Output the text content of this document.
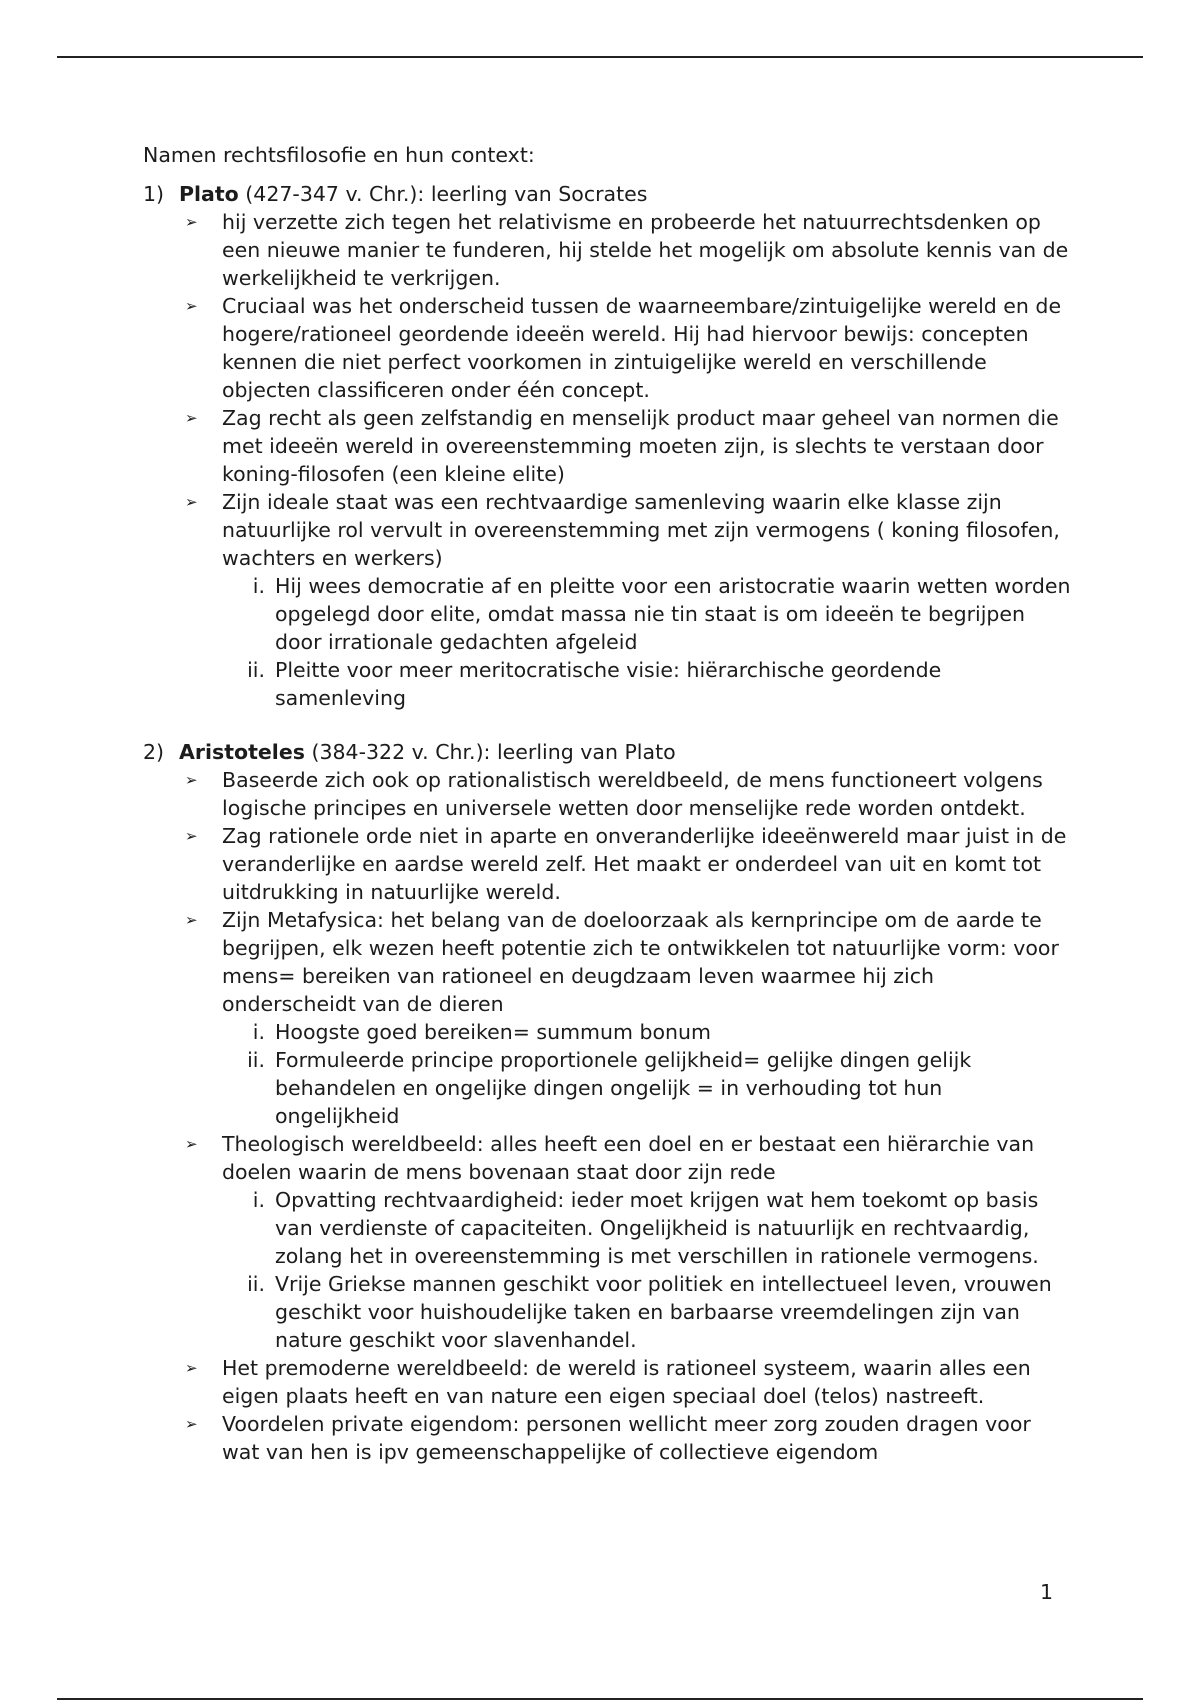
Namen rechtsfilosofie en hun context:

1) Plato (427-347 v. Chr.): leerling van Socrates

➢ hij verzette zich tegen het relativisme en probeerde het natuurrechtsdenken op een nieuwe manier te funderen, hij stelde het mogelijk om absolute kennis van de werkelijkheid te verkrijgen.
➢ Cruciaal was het onderscheid tussen de waarneembare/zintuigelijke wereld en de hogere/rationeel geordende ideeën wereld. Hij had hiervoor bewijs: concepten kennen die niet perfect voorkomen in zintuigelijke wereld en verschillende objecten classificeren onder één concept.
➢ Zag recht als geen zelfstandig en menselijk product maar geheel van normen die met ideeën wereld in overeenstemming moeten zijn, is slechts te verstaan door koning-filosofen (een kleine elite)
➢ Zijn ideale staat was een rechtvaardige samenleving waarin elke klasse zijn natuurlijke rol vervult in overeenstemming met zijn vermogens ( koning filosofen, wachters en werkers)
i. Hij wees democratie af en pleitte voor een aristocratie waarin wetten worden opgelegd door elite, omdat massa nie tin staat is om ideeën te begrijpen door irrationale gedachten afgeleid
ii. Pleitte voor meer meritocratische visie: hiërarchische geordende samenleving
2) Aristoteles (384-322 v. Chr.): leerling van Plato

➢ Baseerde zich ook op rationalistisch wereldbeeld, de mens functioneert volgens logische principes en universele wetten door menselijke rede worden ontdekt.
➢ Zag rationele orde niet in aparte en onveranderlijke ideeënwereld maar juist in de veranderlijke en aardse wereld zelf. Het maakt er onderdeel van uit en komt tot uitdrukking in natuurlijke wereld.
➢ Zijn Metafysica: het belang van de doeloorzaak als kernprincipe om de aarde te begrijpen, elk wezen heeft potentie zich te ontwikkelen tot natuurlijke vorm: voor mens= bereiken van rationeel en deugdzaam leven waarmee hij zich onderscheidt van de dieren
i. Hoogste goed bereiken= summum bonum
ii. Formuleerde principe proportionele gelijkheid= gelijke dingen gelijk behandelen en ongelijke dingen ongelijk = in verhouding tot hun ongelijkheid
➢ Theologisch wereldbeeld: alles heeft een doel en er bestaat een hiërarchie van doelen waarin de mens bovenaan staat door zijn rede
i. Opvatting rechtvaardigheid: ieder moet krijgen wat hem toekomt op basis van verdienste of capaciteiten. Ongelijkheid is natuurlijk en rechtvaardig, zolang het in overeenstemming is met verschillen in rationele vermogens.
ii. Vrije Griekse mannen geschikt voor politiek en intellectueel leven, vrouwen geschikt voor huishoudelijke taken en barbaarse vreemdelingen zijn van nature geschikt voor slavenhandel.
➢ Het premoderne wereldbeeld: de wereld is rationeel systeem, waarin alles een eigen plaats heeft en van nature een eigen speciaal doel (telos) nastreeft.
➢ Voordelen private eigendom: personen wellicht meer zorg zouden dragen voor wat van hen is ipv gemeenschappelijke of collectieve eigendom
1
